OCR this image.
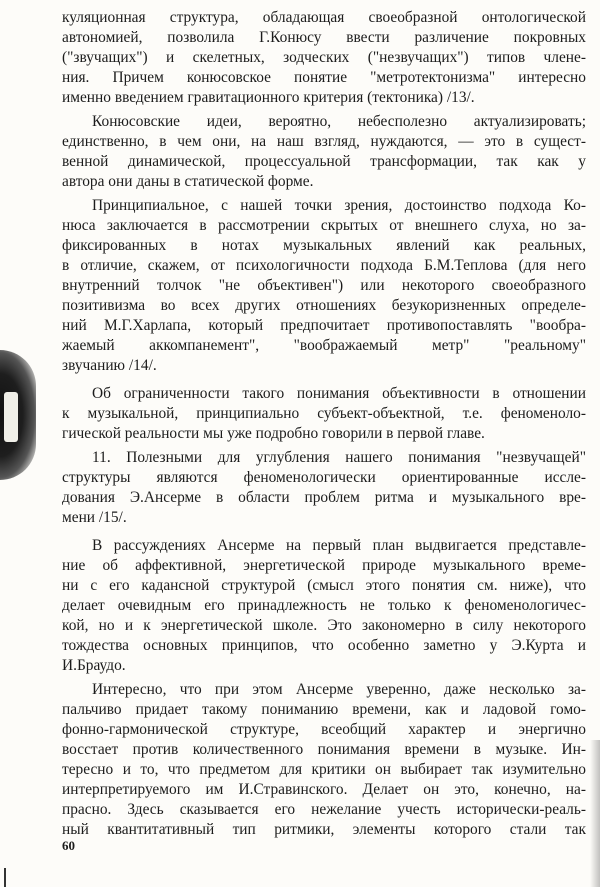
куляционная структура, обладающая своеобразной онтологической
автономией, позволила Г.Конюсу ввести различение покровных
("звучащих") и скелетных, зодческих ("незвучащих") типов члене-
ния. Причем конюсовское понятие "метротектонизма" интересно
именно введением гравитационного критерия (тектоника) /13/.
Конюсовские идеи, вероятно, небесполезно актуализировать;
единственно, в чем они, на наш взгляд, нуждаются, — это в сущест-
венной динамической, процессуальной трансформации, так как у
автора они даны в статической форме.
Принципиальное, с нашей точки зрения, достоинство подхода Ко-
нюса заключается в рассмотрении скрытых от внешнего слуха, но за-
фиксированных в нотах музыкальных явлений как реальных,
в отличие, скажем, от психологичности подхода Б.М.Теплова (для него
внутренний толчок "не объективен") или некоторого своеобразного
позитивизма во всех других отношениях безукоризненных определе-
ний М.Г.Харлапа, который предпочитает противопоставлять "вообра-
жаемый аккомпанемент", "воображаемый метр" "реальному"
звучанию /14/.
Об ограниченности такого понимания объективности в отношении
к музыкальной, принципиально субъект-объектной, т.е. феноменоло-
гической реальности мы уже подробно говорили в первой главе.
11. Полезными для углубления нашего понимания "незвучащей"
структуры являются феноменологически ориентированные иссле-
дования Э.Ансерме в области проблем ритма и музыкального вре-
мени /15/.
В рассуждениях Ансерме на первый план выдвигается представле-
ние об аффективной, энергетической природе музыкального време-
ни с его кадансной структурой (смысл этого понятия см. ниже), что
делает очевидным его принадлежность не только к феноменологичес-
кой, но и к энергетической школе. Это закономерно в силу некоторого
тождества основных принципов, что особенно заметно у Э.Курта и
И.Браудо.
Интересно, что при этом Ансерме уверенно, даже несколько за-
пальчиво придает такому пониманию времени, как и ладовой гомо-
фонно-гармонической структуре, всеобщий характер и энергично
восстает против количественного понимания времени в музыке. Ин-
тересно и то, что предметом для критики он выбирает так изумительно
интерпретируемого им И.Стравинского. Делает он это, конечно, на-
прасно. Здесь сказывается его нежелание учесть исторически-реаль-
ный квантитативный тип ритмики, элементы которого стали так
60
